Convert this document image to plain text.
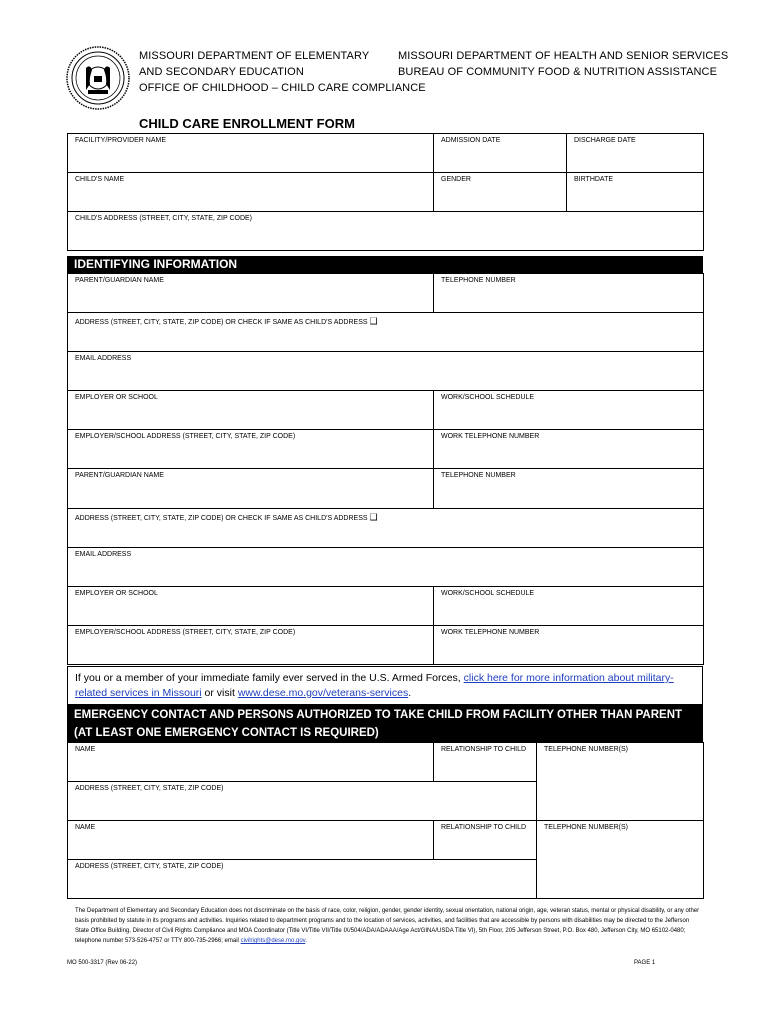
MISSOURI DEPARTMENT OF ELEMENTARY
AND SECONDARY EDUCATION
OFFICE OF CHILDHOOD – CHILD CARE COMPLIANCE
MISSOURI DEPARTMENT OF HEALTH AND SENIOR SERVICES
BUREAU OF COMMUNITY FOOD & NUTRITION ASSISTANCE
CHILD CARE ENROLLMENT FORM
FACILITY/PROVIDER NAME	ADMISSION DATE	DISCHARGE DATE
CHILD'S NAME	GENDER	BIRTHDATE
CHILD'S ADDRESS (STREET, CITY, STATE, ZIP CODE)		
IDENTIFYING INFORMATION
PARENT/GUARDIAN NAME	TELEPHONE NUMBER
ADDRESS (STREET, CITY, STATE, ZIP CODE) OR CHECK IF SAME AS CHILD'S ADDRESS ❑	
EMAIL ADDRESS	
EMPLOYER OR SCHOOL	WORK/SCHOOL SCHEDULE
EMPLOYER/SCHOOL ADDRESS (STREET, CITY, STATE, ZIP CODE)	WORK TELEPHONE NUMBER
PARENT/GUARDIAN NAME	TELEPHONE NUMBER
ADDRESS (STREET, CITY, STATE, ZIP CODE) OR CHECK IF SAME AS CHILD'S ADDRESS ❑	
EMAIL ADDRESS	
EMPLOYER OR SCHOOL	WORK/SCHOOL SCHEDULE
EMPLOYER/SCHOOL ADDRESS (STREET, CITY, STATE, ZIP CODE)	WORK TELEPHONE NUMBER
If you or a member of your immediate family ever served in the U.S. Armed Forces, click here for more information about military-related services in Missouri or visit www.dese.mo.gov/veterans-services.
EMERGENCY CONTACT AND PERSONS AUTHORIZED TO TAKE CHILD FROM FACILITY OTHER THAN PARENT
(AT LEAST ONE EMERGENCY CONTACT IS REQUIRED)
NAME	RELATIONSHIP TO CHILD	TELEPHONE NUMBER(S)
ADDRESS (STREET, CITY, STATE, ZIP CODE)		
NAME	RELATIONSHIP TO CHILD	TELEPHONE NUMBER(S)
ADDRESS (STREET, CITY, STATE, ZIP CODE)		
The Department of Elementary and Secondary Education does not discriminate on the basis of race, color, religion, gender, gender identity, sexual orientation, national origin, age, veteran status, mental or physical disability, or any other basis prohibited by statute in its programs and activities. Inquiries related to department programs and to the location of services, activities, and facilities that are accessible by persons with disabilities may be directed to the Jefferson State Office Building, Director of Civil Rights Compliance and MOA Coordinator (Title VI/Title VII/Title IX/504/ADA/ADAAA/Age Act/GINA/USDA Title VI), 5th Floor, 205 Jefferson Street, P.O. Box 480, Jefferson City, MO 65102-0480; telephone number 573-526-4757 or TTY 800-735-2966; email civilrights@dese.mo.gov.
MO 500-3317 (Rev 06-22)	PAGE 1
